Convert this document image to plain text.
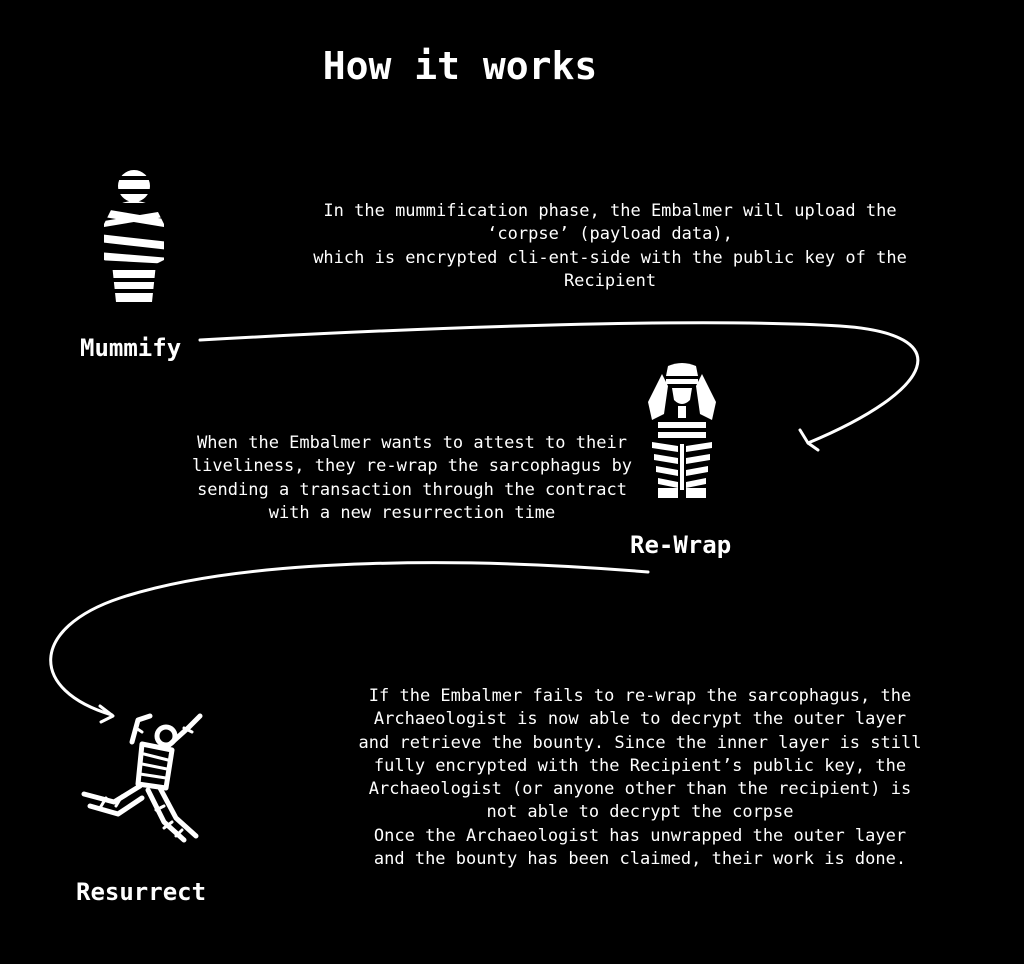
How it works
Mummify
In the mummification phase, the Embalmer will upload the
‘corpse’ (payload data),
which is encrypted cli-ent-side with the public key of the
Recipient
Re-Wrap
When the Embalmer wants to attest to their
liveliness, they re-wrap the sarcophagus by
sending a transaction through the contract
with a new resurrection time
Resurrect
If the Embalmer fails to re-wrap the sarcophagus, the
Archaeologist is now able to decrypt the outer layer
and retrieve the bounty. Since the inner layer is still
fully encrypted with the Recipient’s public key, the
Archaeologist (or anyone other than the recipient) is
not able to decrypt the corpse
Once the Archaeologist has unwrapped the outer layer
and the bounty has been claimed, their work is done.
